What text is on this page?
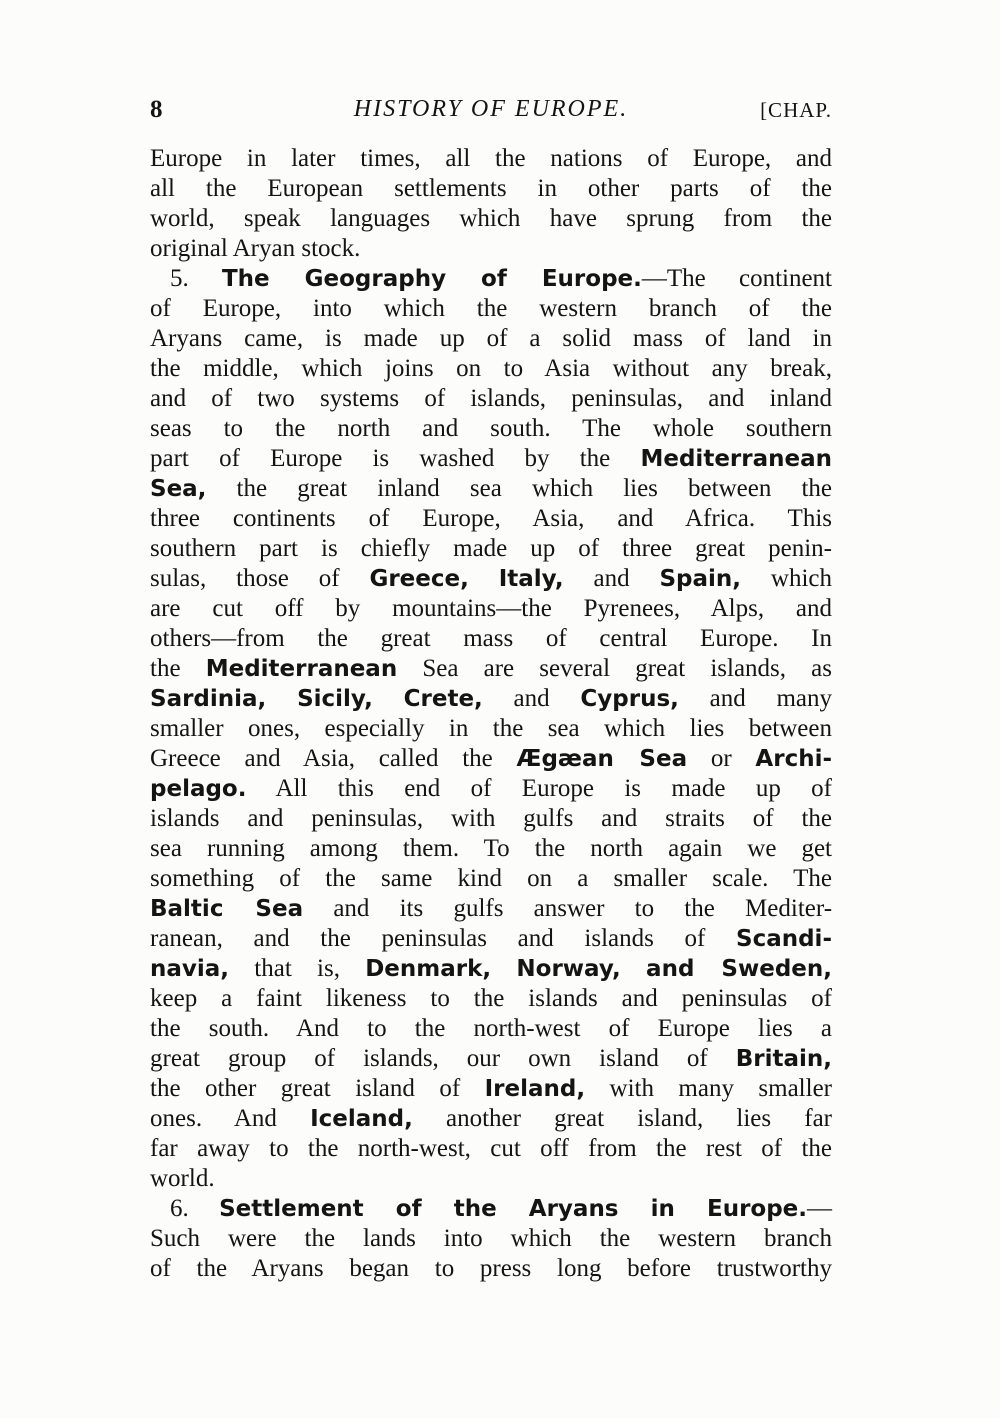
8	HISTORY OF EUROPE.	[CHAP.
Europe in later times, all the nations of Europe, and
all the European settlements in other parts of the
world, speak languages which have sprung from the
original Aryan stock.
5. The Geography of Europe.—The continent
of Europe, into which the western branch of the
Aryans came, is made up of a solid mass of land in
the middle, which joins on to Asia without any break,
and of two systems of islands, peninsulas, and inland
seas to the north and south. The whole southern
part of Europe is washed by the Mediterranean
Sea, the great inland sea which lies between the
three continents of Europe, Asia, and Africa. This
southern part is chiefly made up of three great penin-
sulas, those of Greece, Italy, and Spain, which
are cut off by mountains—the Pyrenees, Alps, and
others—from the great mass of central Europe. In
the Mediterranean Sea are several great islands, as
Sardinia, Sicily, Crete, and Cyprus, and many
smaller ones, especially in the sea which lies between
Greece and Asia, called the Ægæan Sea or Archi-
pelago. All this end of Europe is made up of
islands and peninsulas, with gulfs and straits of the
sea running among them. To the north again we get
something of the same kind on a smaller scale. The
Baltic Sea and its gulfs answer to the Mediter-
ranean, and the peninsulas and islands of Scandi-
navia, that is, Denmark, Norway, and Sweden,
keep a faint likeness to the islands and peninsulas of
the south. And to the north-west of Europe lies a
great group of islands, our own island of Britain,
the other great island of Ireland, with many smaller
ones. And Iceland, another great island, lies far
far away to the north-west, cut off from the rest of the
world.
6. Settlement of the Aryans in Europe.—
Such were the lands into which the western branch
of the Aryans began to press long before trustworthy
